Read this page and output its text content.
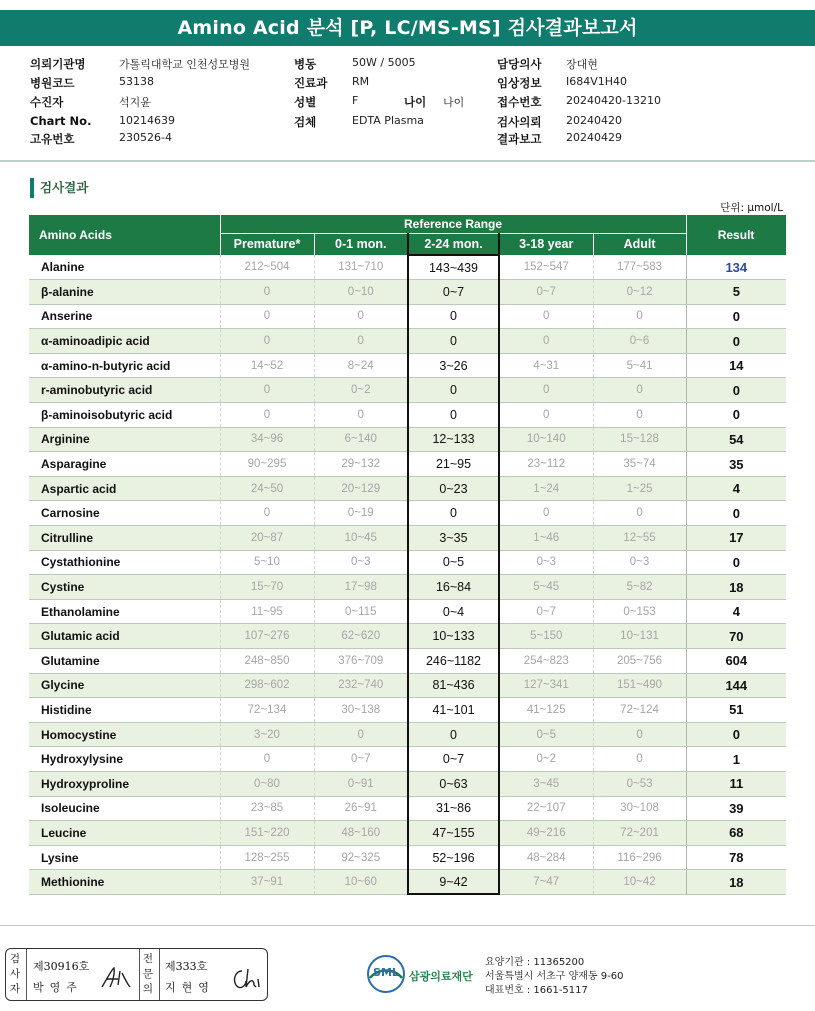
Amino Acid 분석 [P, LC/MS-MS] 검사결과보고서
의뢰기관명	가톨릭대학교 인천성모병원
병원코드	53138
수진자	석지윤
Chart No.	10214639
고유번호	230526-4
병동	50W / 5005
진료과 RM
성별	F
검체	EDTA Plasma
나이 나이
담당의사 장대현
임상정보 I684V1H40
접수번호 20240420-13210
검사의뢰 20240420
결과보고 20240429
검사결과
단위: μmol/L
Amino Acids	Reference Range					Result
	Premature*	0-1 mon.	2-24 mon.	3-18 year	Adult	
Alanine	212~504	131~710	143~439	152~547	177~583	134
β-alanine	0	0~10	0~7	0~7	0~12	5
Anserine	0	0	0	0	0	0
α-aminoadipic acid	0	0	0	0	0~6	0
α-amino-n-butyric acid	14~52	8~24	3~26	4~31	5~41	14
r-aminobutyric acid	0	0~2	0	0	0	0
β-aminoisobutyric acid	0	0	0	0	0	0
Arginine	34~96	6~140	12~133	10~140	15~128	54
Asparagine	90~295	29~132	21~95	23~112	35~74	35
Aspartic acid	24~50	20~129	0~23	1~24	1~25	4
Carnosine	0	0~19	0	0	0	0
Citrulline	20~87	10~45	3~35	1~46	12~55	17
Cystathionine	5~10	0~3	0~5	0~3	0~3	0
Cystine	15~70	17~98	16~84	5~45	5~82	18
Ethanolamine	11~95	0~115	0~4	0~7	0~153	4
Glutamic acid	107~276	62~620	10~133	5~150	10~131	70
Glutamine	248~850	376~709	246~1182	254~823	205~756	604
Glycine	298~602	232~740	81~436	127~341	151~490	144
Histidine	72~134	30~138	41~101	41~125	72~124	51
Homocystine	3~20	0	0	0~5	0	0
Hydroxylysine	0	0~7	0~7	0~2	0	1
Hydroxyproline	0~80	0~91	0~63	3~45	0~53	11
Isoleucine	23~85	26~91	31~86	22~107	30~108	39
Leucine	151~220	48~160	47~155	49~216	72~201	68
Lysine	128~255	92~325	52~196	48~284	116~296	78
Methionine	37~91	10~60	9~42	7~47	10~42	18
검
사
자
제30916호
박영주
전
문
의
제333호
지현영
SML 삼광의료재단
요양기관 : 11365200
서울특별시 서초구 양재동 9-60
대표번호 : 1661-5117
